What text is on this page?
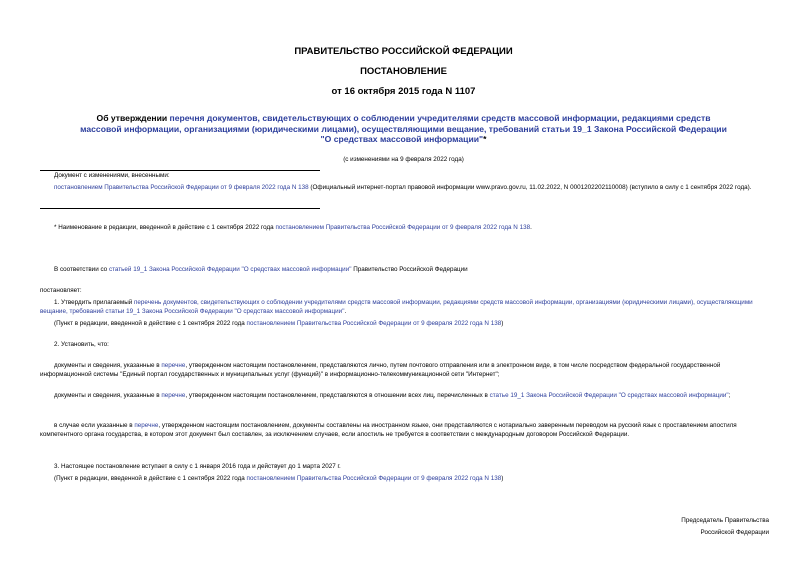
ПРАВИТЕЛЬСТВО РОССИЙСКОЙ ФЕДЕРАЦИИ
ПОСТАНОВЛЕНИЕ
от 16 октября 2015 года N 1107
Об утверждении перечня документов, свидетельствующих о соблюдении учредителями средств массовой информации, редакциями средств массовой информации, организациями (юридическими лицами), осуществляющими вещание, требований статьи 19_1 Закона Российской Федерации "О средствах массовой информации"*
(с изменениями на 9 февраля 2022 года)
Документ с изменениями, внесенными:
постановлением Правительства Российской Федерации от 9 февраля 2022 года N 138 (Официальный интернет-портал правовой информации www.pravo.gov.ru, 11.02.2022, N 0001202202110008) (вступило в силу с 1 сентября 2022 года).
* Наименование в редакции, введенной в действие с 1 сентября 2022 года постановлением Правительства Российской Федерации от 9 февраля 2022 года N 138.
В соответствии со статьей 19_1 Закона Российской Федерации "О средствах массовой информации" Правительство Российской Федерации
постановляет:
1. Утвердить прилагаемый перечень документов, свидетельствующих о соблюдении учредителями средств массовой информации, редакциями средств массовой информации, организациями (юридическими лицами), осуществляющими вещание, требований статьи 19_1 Закона Российской Федерации "О средствах массовой информации".
(Пункт в редакции, введенной в действие с 1 сентября 2022 года постановлением Правительства Российской Федерации от 9 февраля 2022 года N 138)
2. Установить, что:
документы и сведения, указанные в перечне, утвержденном настоящим постановлением, представляются лично, путем почтового отправления или в электронном виде, в том числе посредством федеральной государственной информационной системы "Единый портал государственных и муниципальных услуг (функций)" в информационно-телекоммуникационной сети "Интернет";
документы и сведения, указанные в перечне, утвержденном настоящим постановлением, представляются в отношении всех лиц, перечисленных в статье 19_1 Закона Российской Федерации "О средствах массовой информации";
в случае если указанные в перечне, утвержденном настоящим постановлением, документы составлены на иностранном языке, они представляются с нотариально заверенным переводом на русский язык с проставлением апостиля компетентного органа государства, в котором этот документ был составлен, за исключением случаев, если апостиль не требуется в соответствии с международным договором Российской Федерации.
3. Настоящее постановление вступает в силу с 1 января 2016 года и действует до 1 марта 2027 г.
(Пункт в редакции, введенной в действие с 1 сентября 2022 года постановлением Правительства Российской Федерации от 9 февраля 2022 года N 138)
Председатель Правительства
Российской Федерации
